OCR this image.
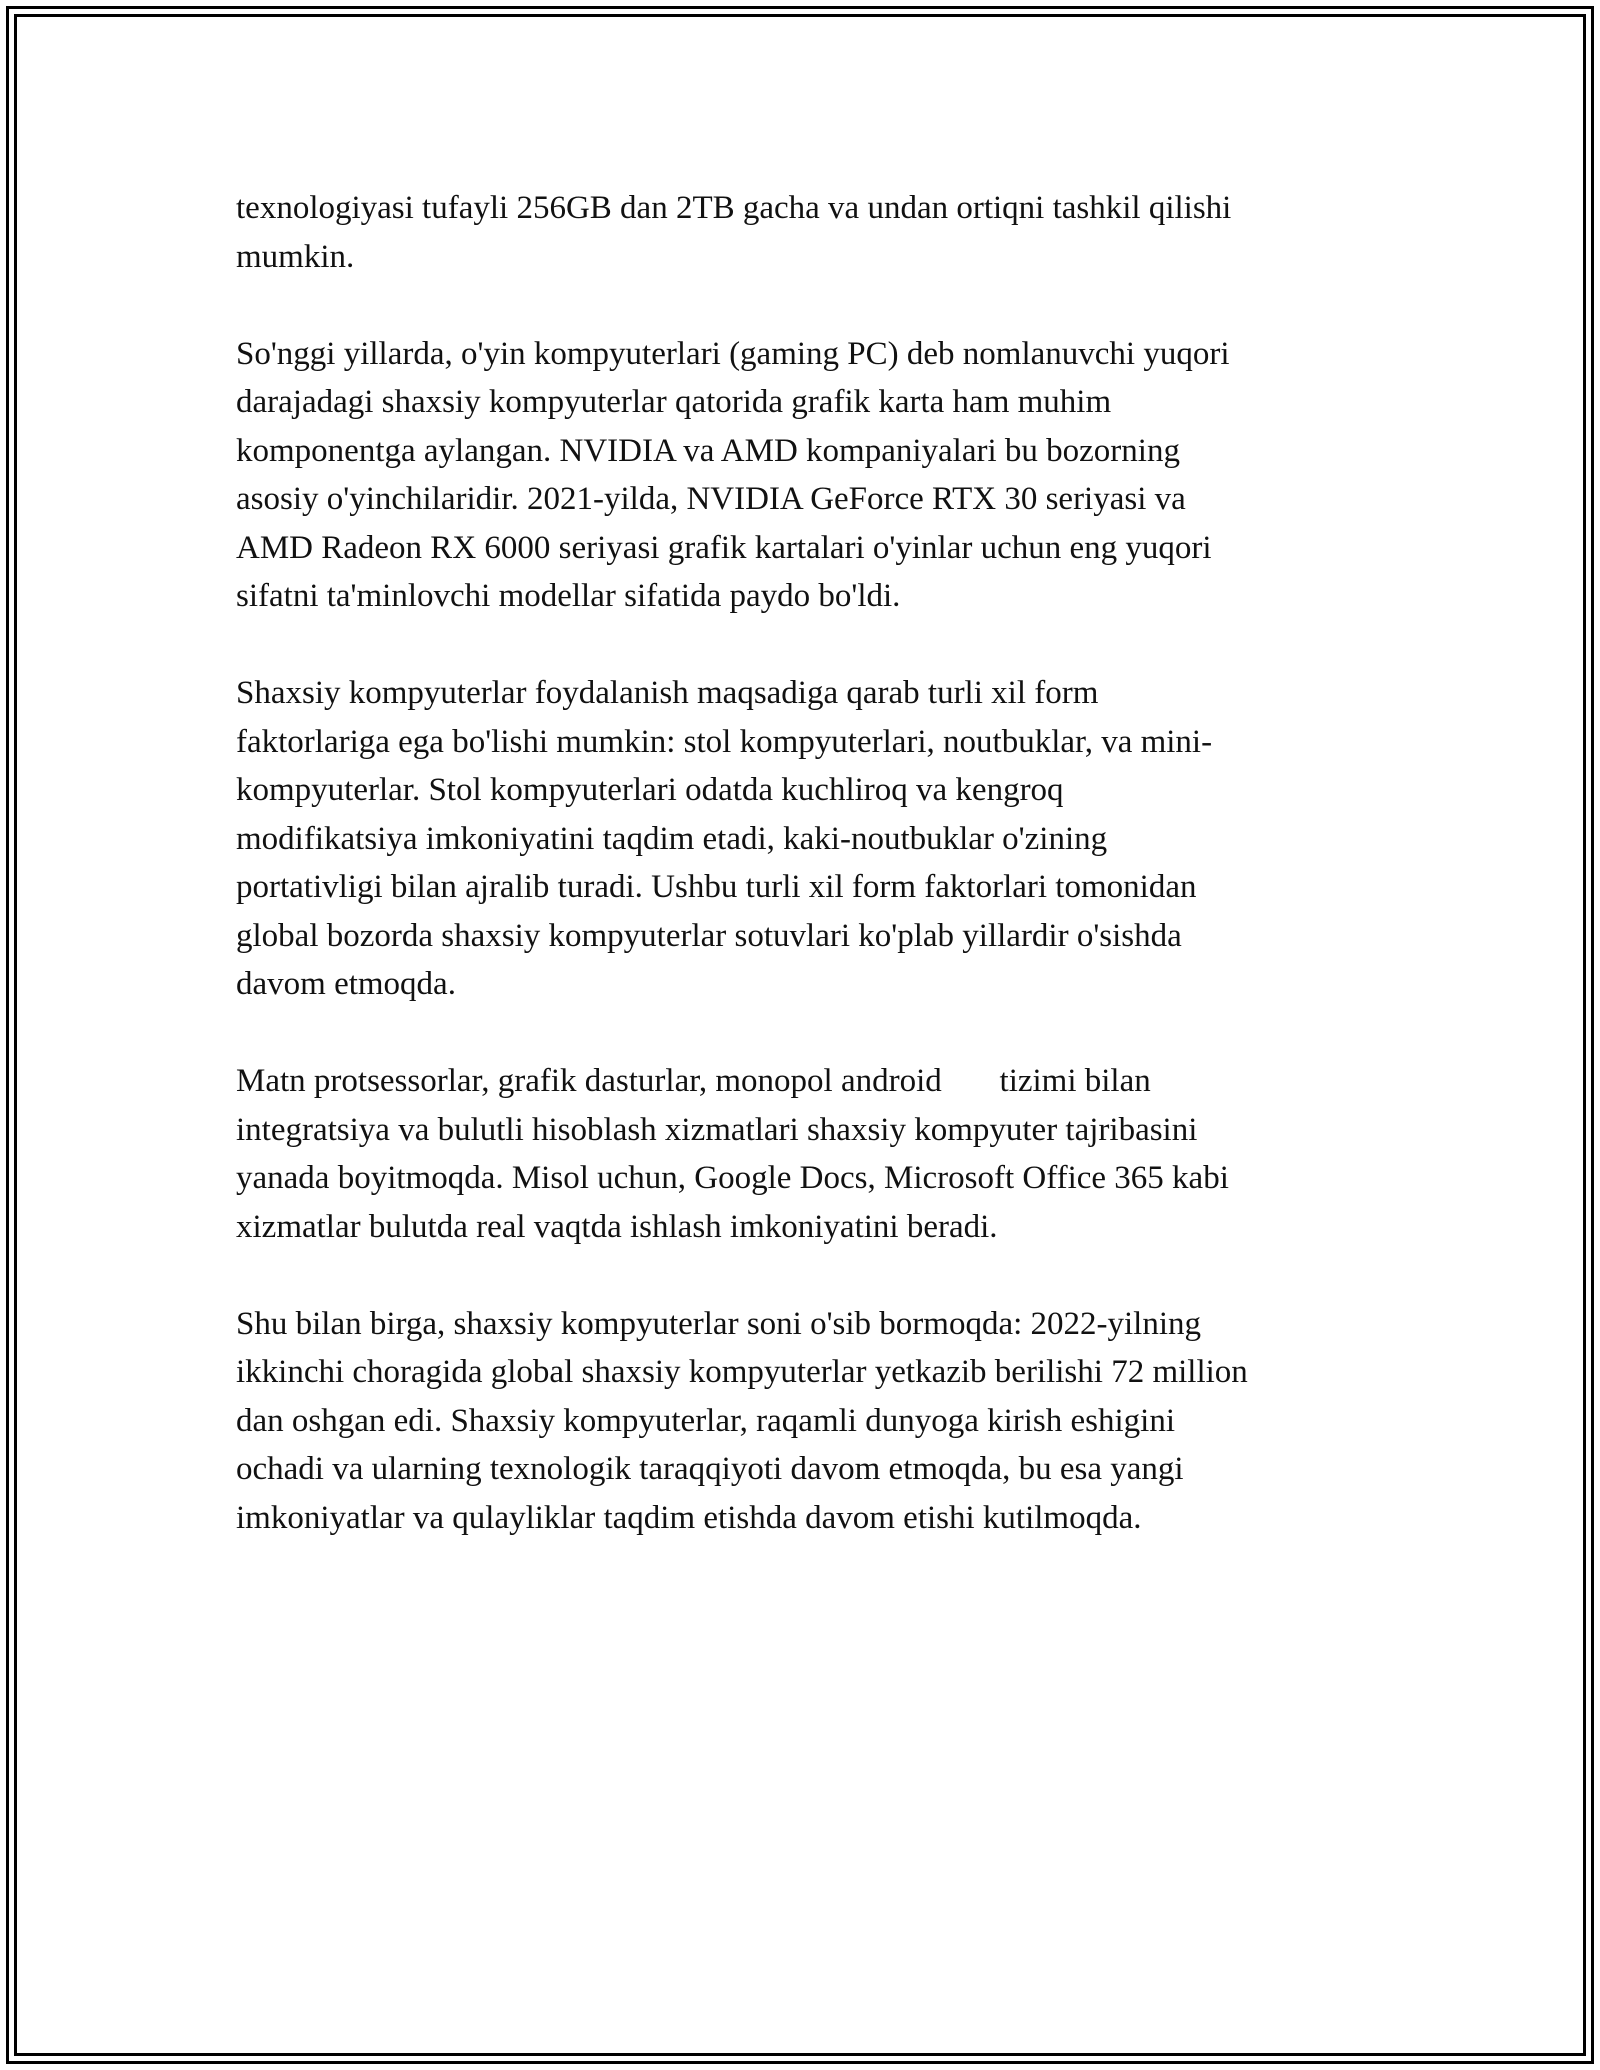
texnologiyasi tufayli 256GB dan 2TB gacha va undan ortiqni tashkil qilishi
mumkin.

So'nggi yillarda, o'yin kompyuterlari (gaming PC) deb nomlanuvchi yuqori
darajadagi shaxsiy kompyuterlar qatorida grafik karta ham muhim
komponentga aylangan. NVIDIA va AMD kompaniyalari bu bozorning
asosiy o'yinchilaridir. 2021-yilda, NVIDIA GeForce RTX 30 seriyasi va
AMD Radeon RX 6000 seriyasi grafik kartalari o'yinlar uchun eng yuqori
sifatni ta'minlovchi modellar sifatida paydo bo'ldi.

Shaxsiy kompyuterlar foydalanish maqsadiga qarab turli xil form
faktorlariga ega bo'lishi mumkin: stol kompyuterlari, noutbuklar, va mini-
kompyuterlar. Stol kompyuterlari odatda kuchliroq va kengroq
modifikatsiya imkoniyatini taqdim etadi, kaki-noutbuklar o'zining
portativligi bilan ajralib turadi. Ushbu turli xil form faktorlari tomonidan
global bozorda shaxsiy kompyuterlar sotuvlari ko'plab yillardir o'sishda
davom etmoqda.

Matn protsessorlar, grafik dasturlar, monopol android       tizimi bilan
integratsiya va bulutli hisoblash xizmatlari shaxsiy kompyuter tajribasini
yanada boyitmoqda. Misol uchun, Google Docs, Microsoft Office 365 kabi
xizmatlar bulutda real vaqtda ishlash imkoniyatini beradi.

Shu bilan birga, shaxsiy kompyuterlar soni o'sib bormoqda: 2022-yilning
ikkinchi choragida global shaxsiy kompyuterlar yetkazib berilishi 72 million
dan oshgan edi. Shaxsiy kompyuterlar, raqamli dunyoga kirish eshigini
ochadi va ularning texnologik taraqqiyoti davom etmoqda, bu esa yangi
imkoniyatlar va qulayliklar taqdim etishda davom etishi kutilmoqda.
